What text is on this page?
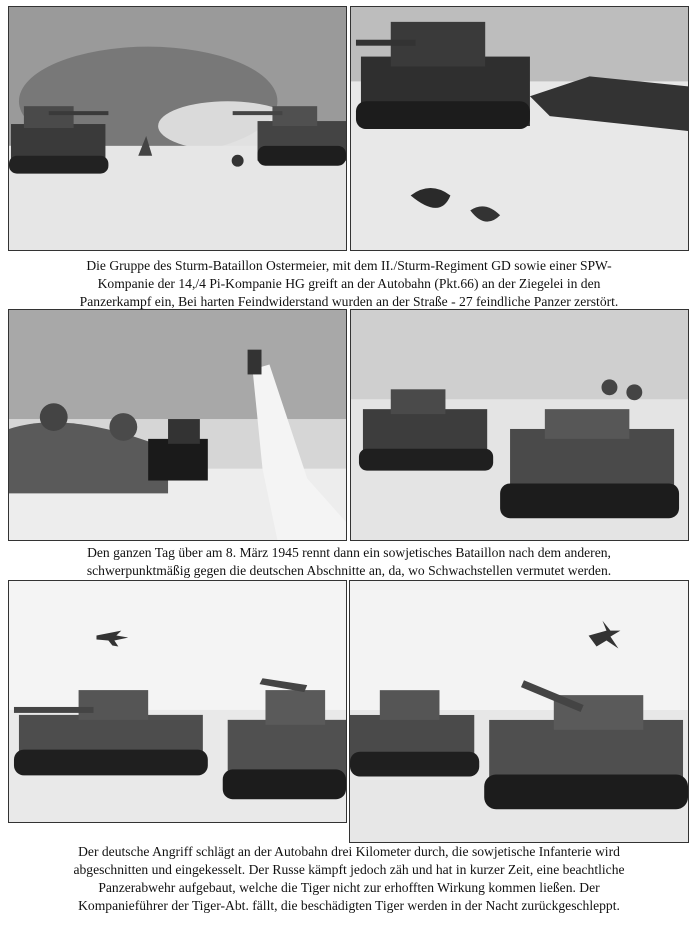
Die Gruppe des Sturm-Bataillon Ostermeier, mit dem II./Sturm-Regiment GD sowie einer SPW-

Kompanie der 14,/4 Pi-Kompanie HG greift an der Autobahn (Pkt.66) an der Ziegelei in den

Panzerkampf ein, Bei harten Feindwiderstand wurden an der Straße - 27 feindliche Panzer zerstört.

Den ganzen Tag über am 8. März 1945 rennt dann ein sowjetisches Bataillon nach dem anderen,

schwerpunktmäßig gegen die deutschen Abschnitte an, da, wo Schwachstellen vermutet werden.

Der deutsche Angriff schlägt an der Autobahn drei Kilometer durch, die sowjetische Infanterie wird

abgeschnitten und eingekesselt. Der Russe kämpft jedoch zäh und hat in kurzer Zeit, eine beachtliche

Panzerabwehr aufgebaut, welche die Tiger nicht zur erhofften Wirkung kommen ließen. Der

Kompanieführer der Tiger-Abt. fällt, die beschädigten Tiger werden in der Nacht zurückgeschleppt.
